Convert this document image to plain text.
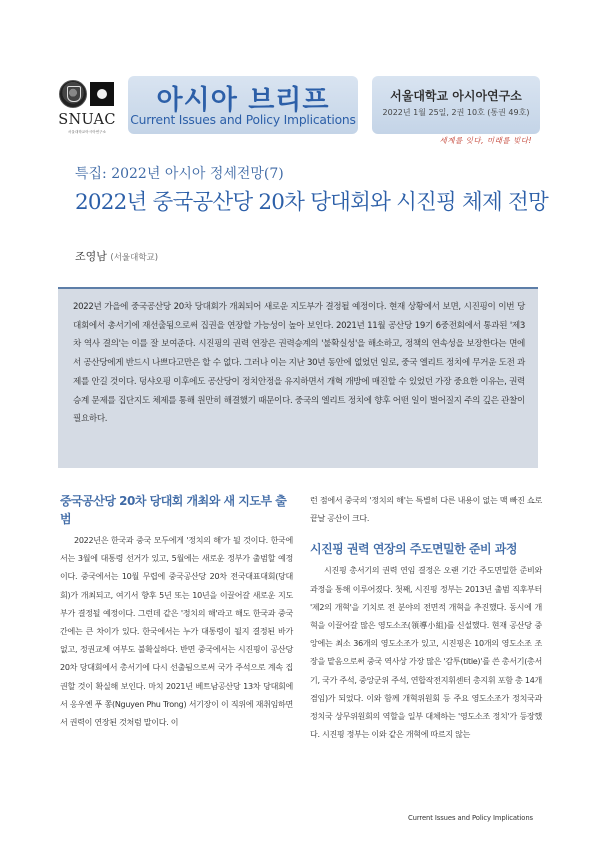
SNUAC
서울대학교아시아연구소
아시아 브리프
Current Issues and Policy Implications
서울대학교 아시아연구소
2022년 1월 25일, 2권 10호 (통권 49호)
세계를 잇다, 미래를 빚다!
특집: 2022년 아시아 정세전망(7)
2022년 중국공산당 20차 당대회와 시진핑 체제 전망
조영남 (서울대학교)

2022년 가을에 중국공산당 20차 당대회가 개최되어 새로운 지도부가 결정될 예정이다. 현재 상황에서 보면, 시진핑이 이번 당대회에서 총서기에 재선출됨으로써 집권을 연장할 가능성이 높아 보인다. 2021년 11월 공산당 19기 6중전회에서 통과된 '제3차 역사 결의'는 이를 잘 보여준다. 시진핑의 권력 연장은 권력승계의 '불확실성'을 해소하고, 정책의 연속성을 보장한다는 면에서 공산당에게 반드시 나쁘다고만은 할 수 없다. 그러나 이는 지난 30년 동안에 없었던 일로, 중국 엘리트 정치에 무거운 도전 과제를 안길 것이다. 덩샤오핑 이후에도 공산당이 정치안정을 유지하면서 개혁 개방에 매진할 수 있었던 가장 중요한 이유는, 권력승계 문제를 집단지도 체제를 통해 원만히 해결했기 때문이다. 중국의 엘리트 정치에 향후 어떤 일이 벌어질지 주의 깊은 관찰이 필요하다.

중국공산당 20차 당대회 개최와 새 지도부 출범

2022년은 한국과 중국 모두에게 '정치의 해'가 될 것이다. 한국에서는 3월에 대통령 선거가 있고, 5월에는 새로운 정부가 출범할 예정이다. 중국에서는 10월 무렵에 중국공산당 20차 전국대표대회(당대회)가 개최되고, 여기서 향후 5년 또는 10년을 이끌어갈 새로운 지도부가 결정될 예정이다. 그런데 같은 '정치의 해'라고 해도 한국과 중국 간에는 큰 차이가 있다. 한국에서는 누가 대통령이 될지 결정된 바가 없고, 정권교체 여부도 불확실하다. 반면 중국에서는 시진핑이 공산당 20차 당대회에서 총서기에 다시 선출됨으로써 국가 주석으로 계속 집권할 것이 확실해 보인다. 마치 2021년 베트남공산당 13차 당대회에서 응우옌 푸 쫑(Nguyen Phu Trong) 서기장이 이 직위에 재취임하면서 권력이 연장된 것처럼 말이다. 이

런 점에서 중국의 '정치의 해'는 특별히 다른 내용이 없는 맥 빠진 쇼로 끝날 공산이 크다.

시진핑 권력 연장의 주도면밀한 준비 과정

시진핑 총서기의 권력 연임 결정은 오랜 기간 주도면밀한 준비와 과정을 통해 이루어졌다. 첫째, 시진핑 정부는 2013년 출범 직후부터 '제2의 개혁'을 기치로 전 분야의 전면적 개혁을 추진했다. 동시에 개혁을 이끌어갈 많은 영도소조(領導小組)를 신설했다. 현재 공산당 중앙에는 최소 36개의 영도소조가 있고, 시진핑은 10개의 영도소조 조장을 맡음으로써 중국 역사상 가장 많은 '감투(title)'를 쓴 총서기(총서기, 국가 주석, 중앙군위 주석, 연합작전지휘센터 총지휘 포함 총 14개 겸임)가 되었다. 이와 함께 개혁위원회 등 주요 영도소조가 정치국과 정치국 상무위원회의 역할을 일부 대체하는 '영도소조 정치'가 등장했다. 시진핑 정부는 이와 같은 개혁에 따르지 않는

Current Issues and Policy Implications
